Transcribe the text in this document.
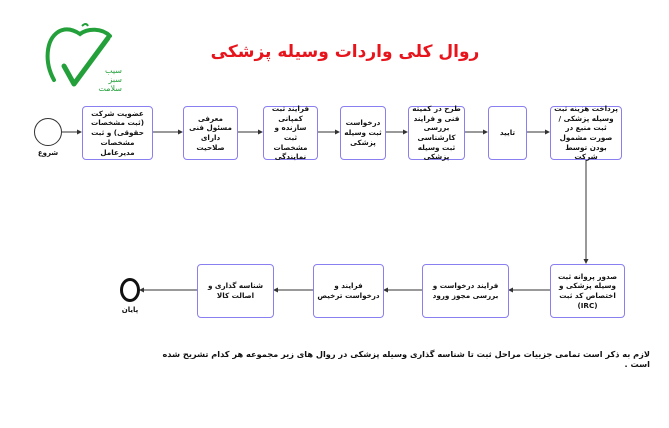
سیب
سبز
سلامت
روال کلی واردات وسیله پزشکی
شروع
عضویت شرکت (ثبت مشخصات حقوقی) و ثبت مشخصات مدیرعامل
معرفی مسئول فنی دارای صلاحیت
فرایند ثبت کمپانی سازنده و ثبت مشخصات نمایندگی
درخواست ثبت وسیله پزشکی
طرح در کمیته فنی و فرایند بررسی کارشناسی ثبت وسیله پزشکی
تایید
پرداخت هزینه ثبت وسیله پزشکی / ثبت منبع در صورت مشمول بودن توسط شرکت
صدور پروانه ثبت وسیله پزشکی و اختصاص کد ثبت (IRC)
فرایند درخواست و بررسی مجوز ورود
فرایند و درخواست ترخیص
شناسه گذاری و اصالت کالا
پایان
لازم به ذکر است تمامی جزییات مراحل ثبت تا شناسه گذاری وسیله پزشکی در روال های زیر مجموعه هر کدام تشریح شده است .
